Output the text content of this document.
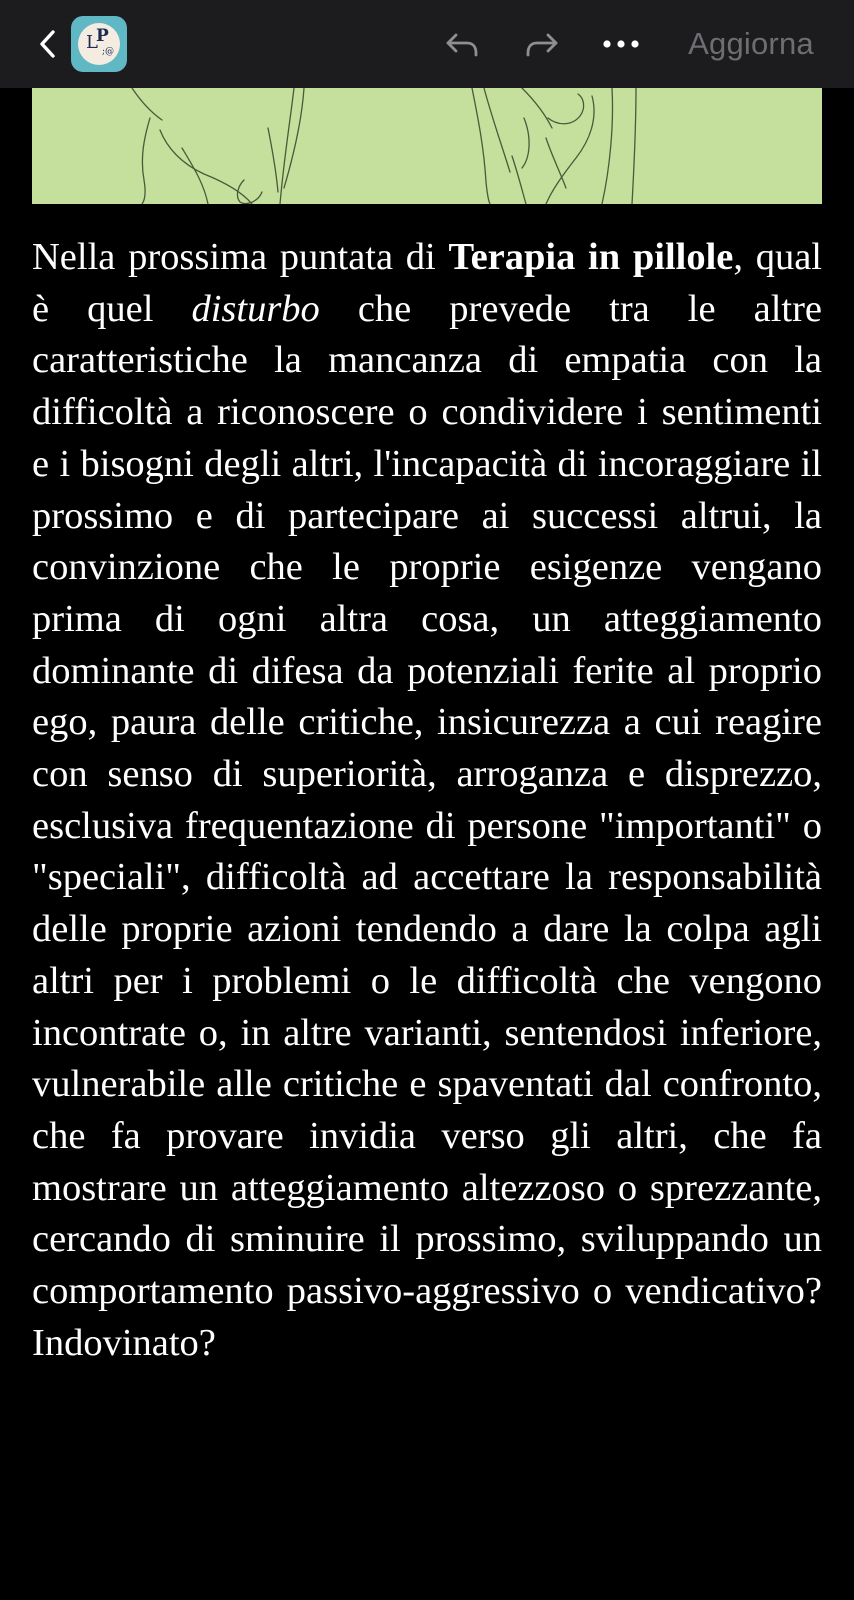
L
P
;@	Aggiorna

Nella prossima puntata di Terapia in pillole, qual è quel disturbo che prevede tra le altre caratteristiche la mancanza di empatia con la difficoltà a riconoscere o condividere i sentimenti e i bisogni degli altri, l'incapacità di incoraggiare il prossimo e di partecipare ai successi altrui, la convinzione che le proprie esigenze vengano prima di ogni altra cosa, un atteggiamento dominante di difesa da potenziali ferite al proprio ego, paura delle critiche, insicurezza a cui reagire con senso di superiorità, arroganza e disprezzo, esclusiva frequentazione di persone "importanti" o "speciali", difficoltà ad accettare la responsabilità delle proprie azioni tendendo a dare la colpa agli altri per i problemi o le difficoltà che vengono incontrate o, in altre varianti, sentendosi inferiore, vulnerabile alle critiche e spaventati dal confronto, che fa provare invidia verso gli altri, che fa mostrare un atteggiamento altezzoso o sprezzante, cercando di sminuire il prossimo, sviluppando un comportamento passivo-aggressivo o vendicativo? Indovinato?
